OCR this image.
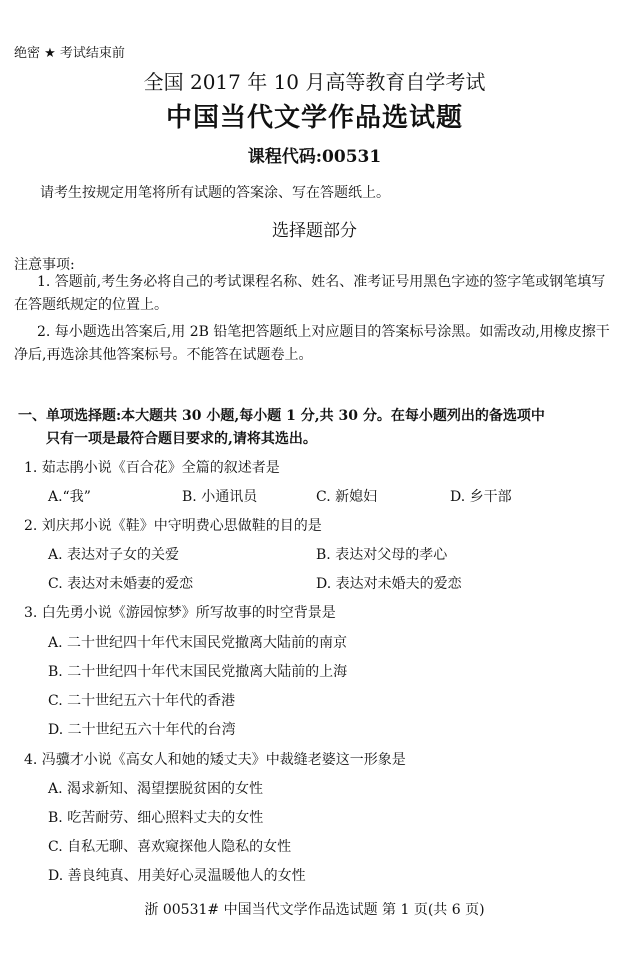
绝密 ★ 考试结束前
全国 2017 年 10 月高等教育自学考试
中国当代文学作品选试题
课程代码:00531
请考生按规定用笔将所有试题的答案涂、写在答题纸上。
选择题部分
注意事项:
1. 答题前,考生务必将自己的考试课程名称、姓名、准考证号用黑色字迹的签字笔或钢笔填写在答题纸规定的位置上。
2. 每小题选出答案后,用 2B 铅笔把答题纸上对应题目的答案标号涂黑。如需改动,用橡皮擦干净后,再选涂其他答案标号。不能答在试题卷上。
一、单项选择题:本大题共 30 小题,每小题 1 分,共 30 分。在每小题列出的备选项中
只有一项是最符合题目要求的,请将其选出。
1. 茹志鹃小说《百合花》全篇的叙述者是
A.“我”	B. 小通讯员	C. 新媳妇	D. 乡干部
2. 刘庆邦小说《鞋》中守明费心思做鞋的目的是
A. 表达对子女的关爱	B. 表达对父母的孝心
C. 表达对未婚妻的爱恋	D. 表达对未婚夫的爱恋
3. 白先勇小说《游园惊梦》所写故事的时空背景是
A. 二十世纪四十年代末国民党撤离大陆前的南京
B. 二十世纪四十年代末国民党撤离大陆前的上海
C. 二十世纪五六十年代的香港
D. 二十世纪五六十年代的台湾
4. 冯骥才小说《高女人和她的矮丈夫》中裁缝老婆这一形象是
A. 渴求新知、渴望摆脱贫困的女性
B. 吃苦耐劳、细心照料丈夫的女性
C. 自私无聊、喜欢窥探他人隐私的女性
D. 善良纯真、用美好心灵温暖他人的女性
浙 00531# 中国当代文学作品选试题 第 1 页(共 6 页)
